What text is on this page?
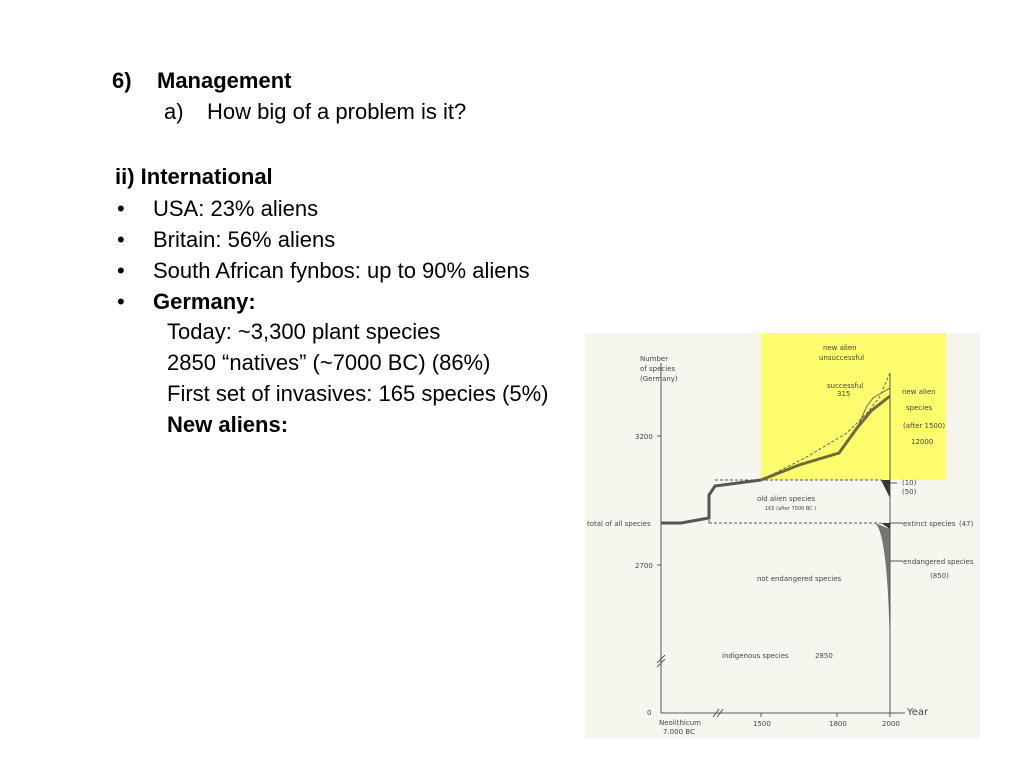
6) Management
a) How big of a problem is it?
ii) International
• USA: 23% aliens
• Britain: 56% aliens
• South African fynbos: up to 90% aliens
• Germany:
Today: ~3,300 plant species
2850 “natives” (~7000 BC) (86%)
First set of invasives: 165 species (5%)
New aliens:
Number
of species
(Germany)
3200
2700
0
Neolithicum
7.000 BC
1500	1800	2000
Year
new alien
unsuccessful
successful
315	new alien
species
(after 1500)
12000
(10)
(50)
old alien species
165 (after 7000 BC )
total of all species	extinct species (47)
endangered species
(850)
not endangered species
indigenous species	2850
